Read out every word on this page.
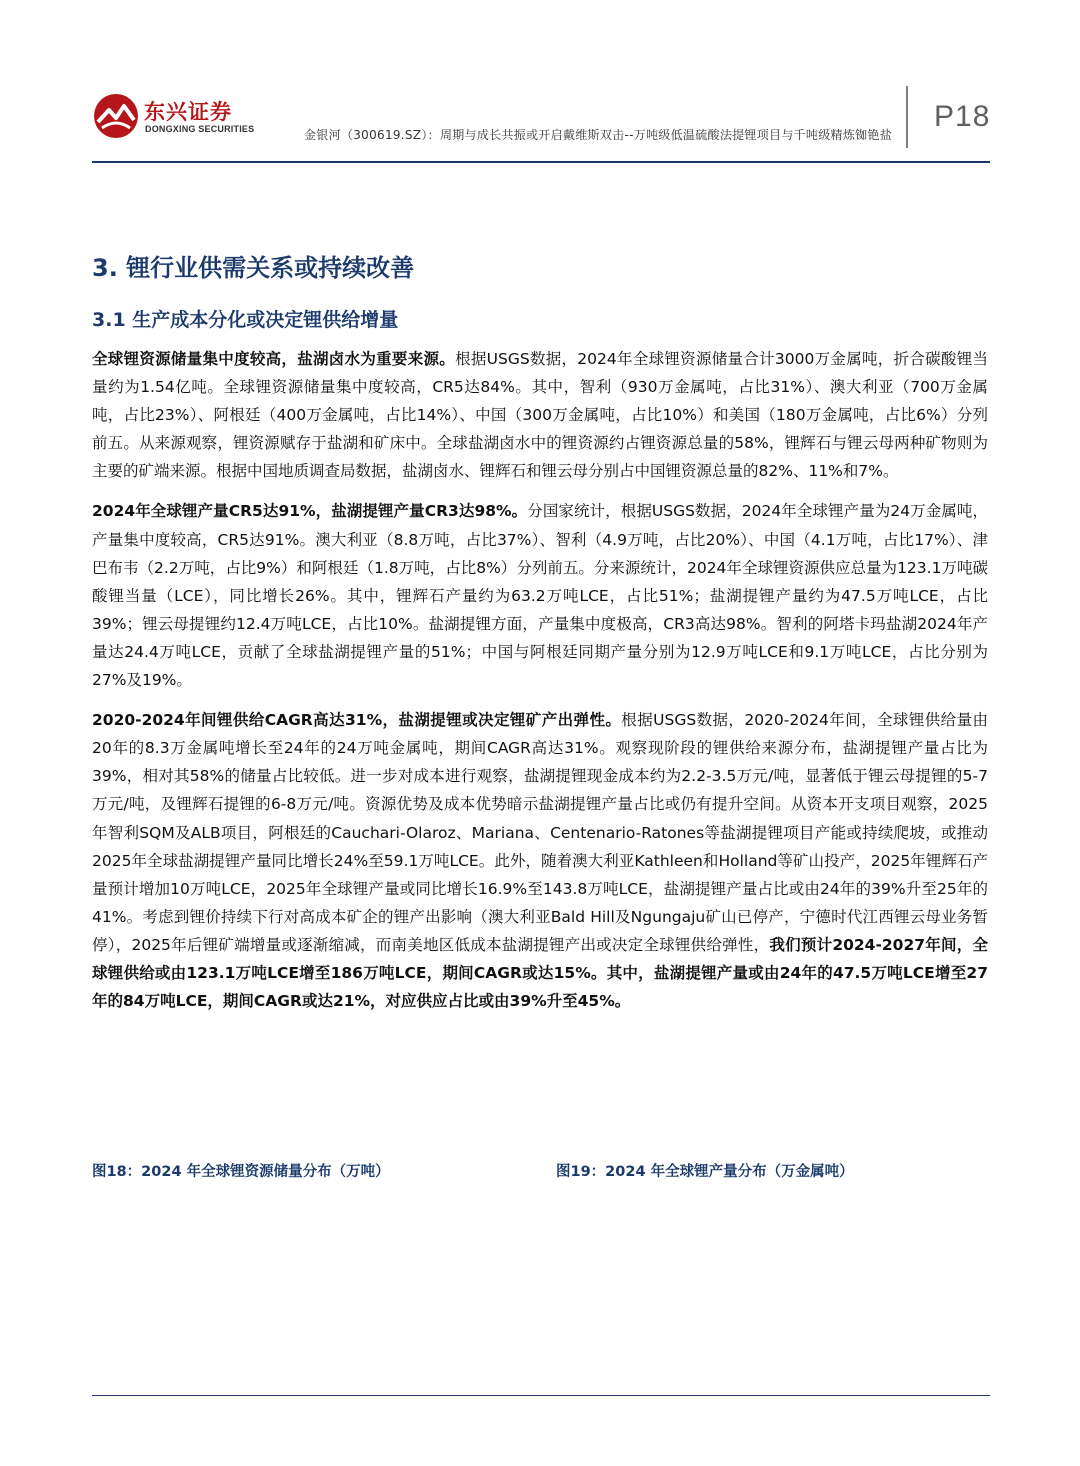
东兴证券
DONGXING SECURITIES	金银河（300619.SZ）：周期与成长共振或开启戴维斯双击--万吨级低温硫酸法提锂项目与千吨级精炼铷铯盐
P18
3. 锂行业供需关系或持续改善
3.1 生产成本分化或决定锂供给增量

全球锂资源储量集中度较高，盐湖卤水为重要来源。根据USGS数据，2024年全球锂资源储量合计3000万金属吨，折合碳酸锂当量约为1.54亿吨。全球锂资源储量集中度较高，CR5达84%。其中，智利（930万金属吨，占比31%）、澳大利亚（700万金属吨，占比23%）、阿根廷（400万金属吨，占比14%）、中国（300万金属吨，占比10%）和美国（180万金属吨，占比6%）分列前五。从来源观察，锂资源赋存于盐湖和矿床中。全球盐湖卤水中的锂资源约占锂资源总量的58%，锂辉石与锂云母两种矿物则为主要的矿端来源。根据中国地质调查局数据，盐湖卤水、锂辉石和锂云母分别占中国锂资源总量的82%、11%和7%。

2024年全球锂产量CR5达91%，盐湖提锂产量CR3达98%。分国家统计，根据USGS数据，2024年全球锂产量为24万金属吨，产量集中度较高，CR5达91%。澳大利亚（8.8万吨，占比37%）、智利（4.9万吨，占比20%）、中国（4.1万吨，占比17%）、津巴布韦（2.2万吨，占比9%）和阿根廷（1.8万吨，占比8%）分列前五。分来源统计，2024年全球锂资源供应总量为123.1万吨碳酸锂当量（LCE），同比增长26%。其中，锂辉石产量约为63.2万吨LCE，占比51%；盐湖提锂产量约为47.5万吨LCE，占比39%；锂云母提锂约12.4万吨LCE，占比10%。盐湖提锂方面，产量集中度极高，CR3高达98%。智利的阿塔卡玛盐湖2024年产量达24.4万吨LCE，贡献了全球盐湖提锂产量的51%；中国与阿根廷同期产量分别为12.9万吨LCE和9.1万吨LCE，占比分别为27%及19%。

2020-2024年间锂供给CAGR高达31%，盐湖提锂或决定锂矿产出弹性。根据USGS数据，2020-2024年间，全球锂供给量由20年的8.3万金属吨增长至24年的24万吨金属吨，期间CAGR高达31%。观察现阶段的锂供给来源分布，盐湖提锂产量占比为39%，相对其58%的储量占比较低。进一步对成本进行观察，盐湖提锂现金成本约为2.2-3.5万元/吨，显著低于锂云母提锂的5-7万元/吨，及锂辉石提锂的6-8万元/吨。资源优势及成本优势暗示盐湖提锂产量占比或仍有提升空间。从资本开支项目观察，2025年智利SQM及ALB项目，阿根廷的Cauchari-Olaroz、Mariana、Centenario-Ratones等盐湖提锂项目产能或持续爬坡，或推动2025年全球盐湖提锂产量同比增长24%至59.1万吨LCE。此外，随着澳大利亚Kathleen和Holland等矿山投产，2025年锂辉石产量预计增加10万吨LCE，2025年全球锂产量或同比增长16.9%至143.8万吨LCE，盐湖提锂产量占比或由24年的39%升至25年的41%。考虑到锂价持续下行对高成本矿企的锂产出影响（澳大利亚Bald Hill及Ngungaju矿山已停产，宁德时代江西锂云母业务暂停），2025年后锂矿端增量或逐渐缩减，而南美地区低成本盐湖提锂产出或决定全球锂供给弹性，我们预计2024-2027年间，全球锂供给或由123.1万吨LCE增至186万吨LCE，期间CAGR或达15%。其中，盐湖提锂产量或由24年的47.5万吨LCE增至27年的84万吨LCE，期间CAGR或达21%，对应供应占比或由39%升至45%。

图18：2024 年全球锂资源储量分布（万吨）	图19：2024 年全球锂产量分布（万金属吨）
